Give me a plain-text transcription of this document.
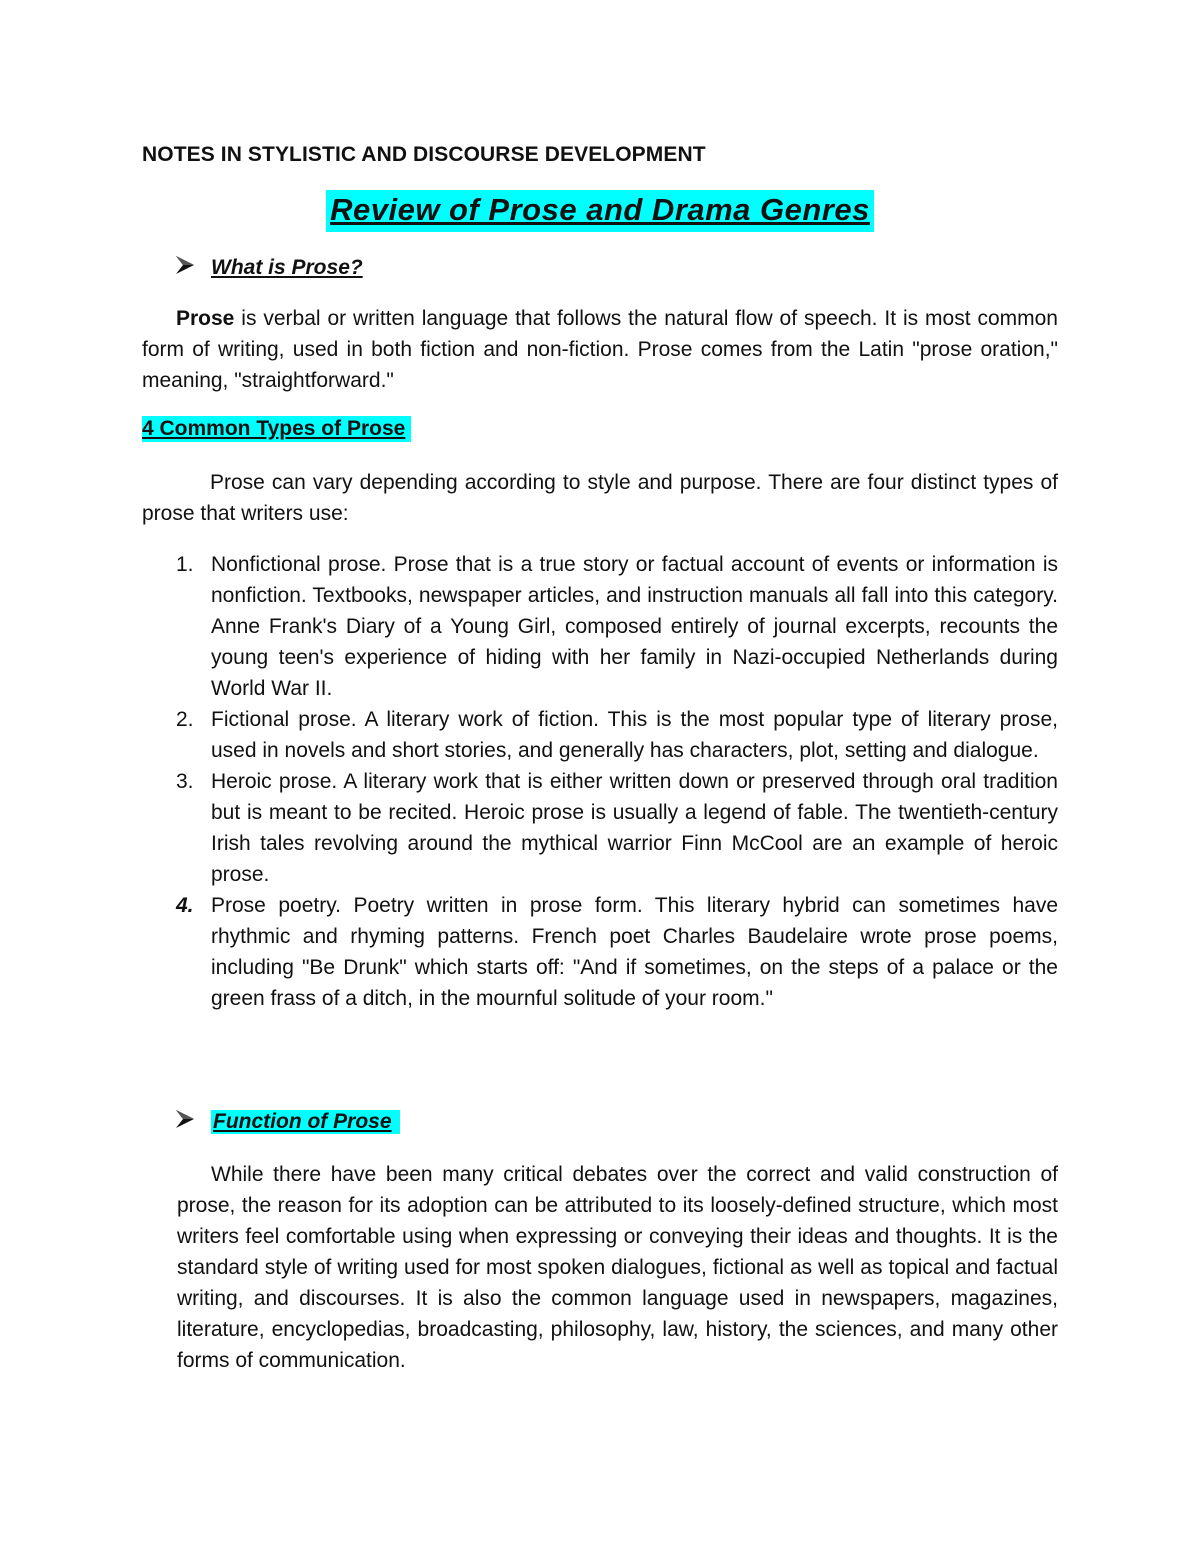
NOTES IN STYLISTIC AND DISCOURSE DEVELOPMENT
Review of Prose and Drama Genres
What is Prose?
Prose is verbal or written language that follows the natural flow of speech. It is most common form of writing, used in both fiction and non-fiction. Prose comes from the Latin "prose oration," meaning, "straightforward."
4 Common Types of Prose
Prose can vary depending according to style and purpose. There are four distinct types of prose that writers use:
1. Nonfictional prose. Prose that is a true story or factual account of events or information is nonfiction. Textbooks, newspaper articles, and instruction manuals all fall into this category. Anne Frank's Diary of a Young Girl, composed entirely of journal excerpts, recounts the young teen's experience of hiding with her family in Nazi-occupied Netherlands during World War II.
2. Fictional prose. A literary work of fiction. This is the most popular type of literary prose, used in novels and short stories, and generally has characters, plot, setting and dialogue.
3. Heroic prose. A literary work that is either written down or preserved through oral tradition but is meant to be recited. Heroic prose is usually a legend of fable. The twentieth-century Irish tales revolving around the mythical warrior Finn McCool are an example of heroic prose.
4. Prose poetry. Poetry written in prose form. This literary hybrid can sometimes have rhythmic and rhyming patterns. French poet Charles Baudelaire wrote prose poems, including "Be Drunk" which starts off: "And if sometimes, on the steps of a palace or the green frass of a ditch, in the mournful solitude of your room."
Function of Prose
While there have been many critical debates over the correct and valid construction of prose, the reason for its adoption can be attributed to its loosely-defined structure, which most writers feel comfortable using when expressing or conveying their ideas and thoughts. It is the standard style of writing used for most spoken dialogues, fictional as well as topical and factual writing, and discourses. It is also the common language used in newspapers, magazines, literature, encyclopedias, broadcasting, philosophy, law, history, the sciences, and many other forms of communication.
